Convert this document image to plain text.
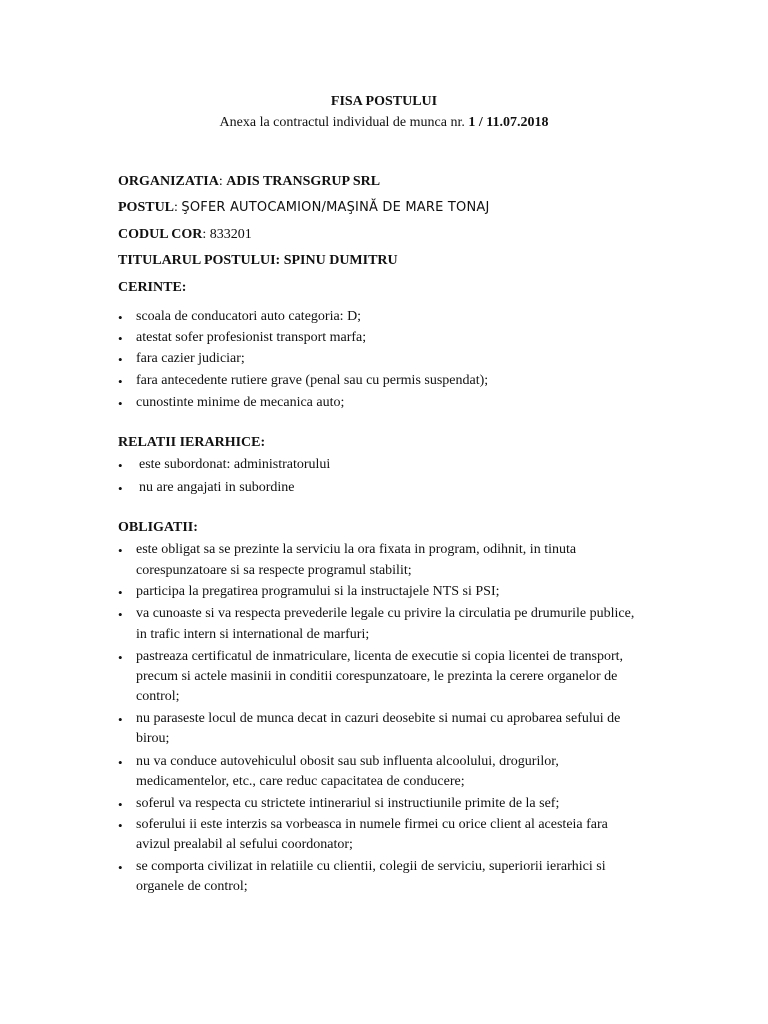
FISA POSTULUI
Anexa la contractul individual de munca nr. 1 / 11.07.2018
ORGANIZATIA: ADIS TRANSGRUP SRL
POSTUL: ŞOFER AUTOCAMION/MAŞINĂ DE MARE TONAJ
CODUL COR: 833201
TITULARUL POSTULUI: SPINU DUMITRU
CERINTE:
• scoala de conducatori auto categoria: D;
• atestat sofer profesionist transport marfa;
• fara cazier judiciar;
• fara antecedente rutiere grave (penal sau cu permis suspendat);
• cunostinte minime de mecanica auto;
RELATII IERARHICE:
• este subordonat: administratorului
• nu are angajati in subordine
OBLIGATII:
• este obligat sa se prezinte la serviciu la ora fixata in program, odihnit, in tinuta
corespunzatoare si sa respecte programul stabilit;
• participa la pregatirea programului si la instructajele NTS si PSI;
• va cunoaste si va respecta prevederile legale cu privire la circulatia pe drumurile publice,
in trafic intern si international de marfuri;
• pastreaza certificatul de inmatriculare, licenta de executie si copia licentei de transport,
precum si actele masinii in conditii corespunzatoare, le prezinta la cerere organelor de
control;
• nu paraseste locul de munca decat in cazuri deosebite si numai cu aprobarea sefului de
birou;
• nu va conduce autovehiculul obosit sau sub influenta alcoolului, drogurilor,
medicamentelor, etc., care reduc capacitatea de conducere;
• soferul va respecta cu strictete intinerariul si instructiunile primite de la sef;
• soferului ii este interzis sa vorbeasca in numele firmei cu orice client al acesteia fara
avizul prealabil al sefului coordonator;
• se comporta civilizat in relatiile cu clientii, colegii de serviciu, superiorii ierarhici si
organele de control;
